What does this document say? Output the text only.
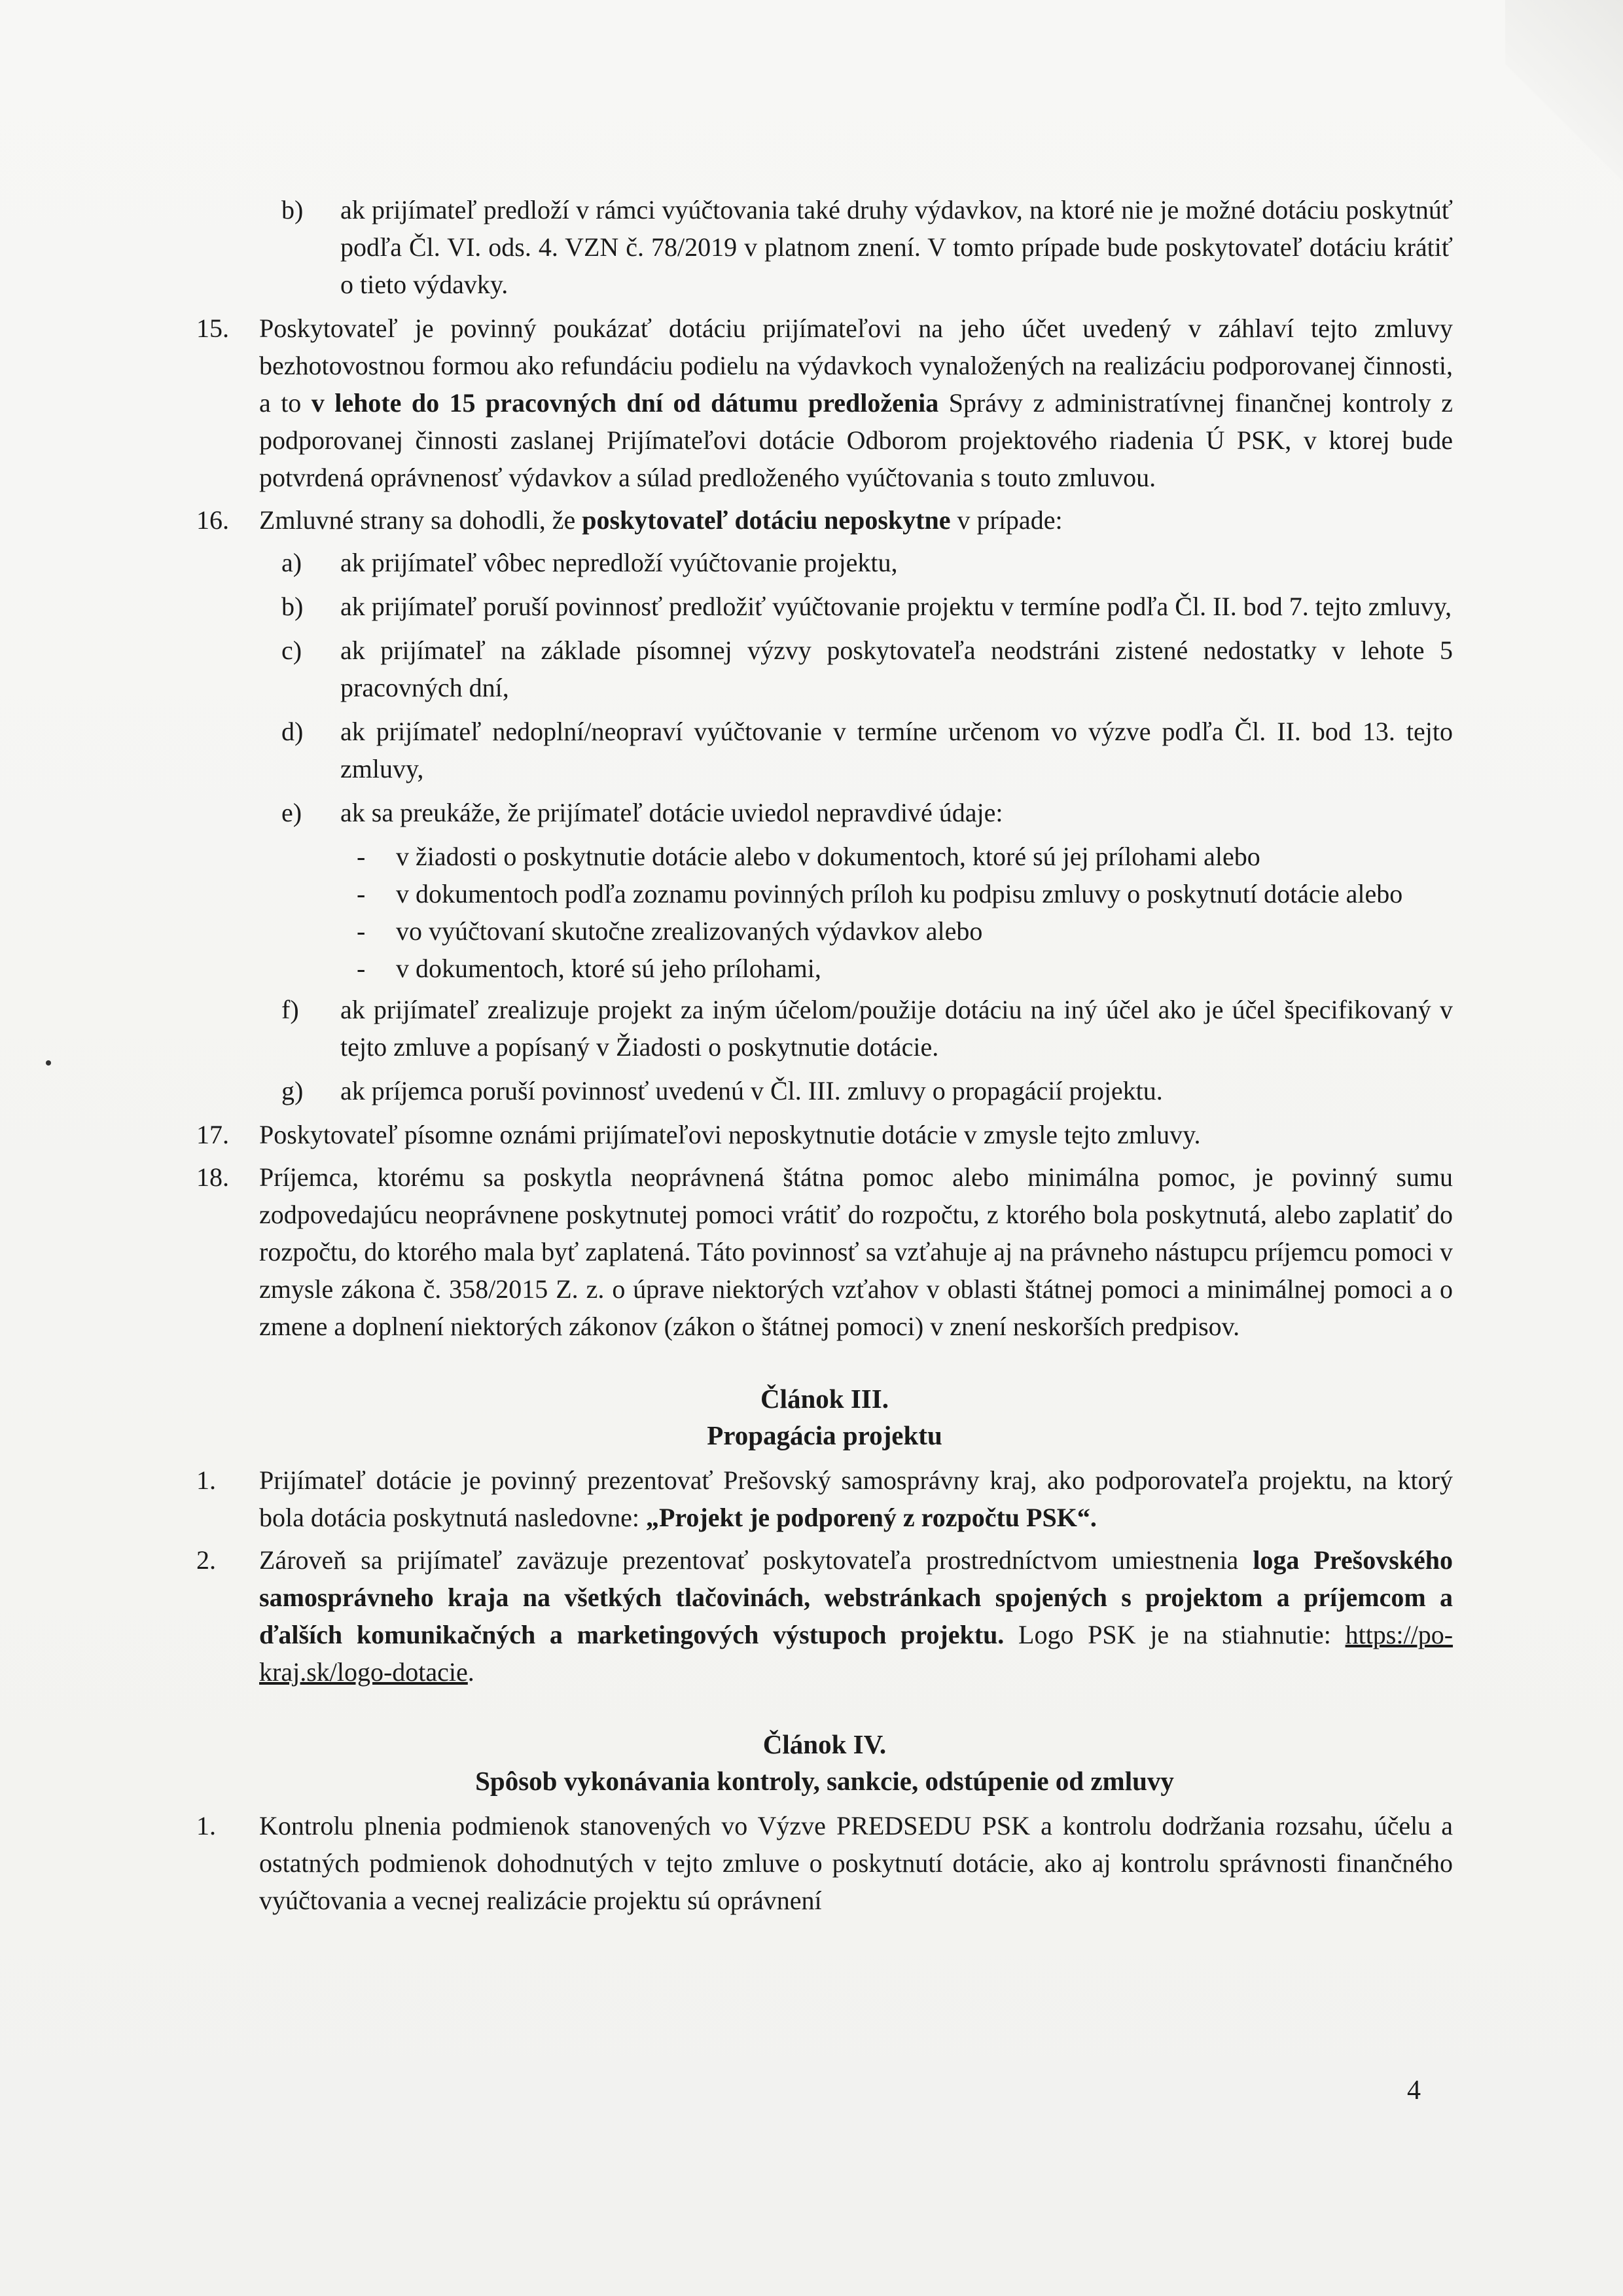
b) ak prijímateľ predloží v rámci vyúčtovania také druhy výdavkov, na ktoré nie je možné dotáciu poskytnúť podľa Čl. VI. ods. 4. VZN č. 78/2019 v platnom znení. V tomto prípade bude poskytovateľ dotáciu krátiť o tieto výdavky.
15. Poskytovateľ je povinný poukázať dotáciu prijímateľovi na jeho účet uvedený v záhlaví tejto zmluvy bezhotovostnou formou ako refundáciu podielu na výdavkoch vynaložených na realizáciu podporovanej činnosti, a to v lehote do 15 pracovných dní od dátumu predloženia Správy z administratívnej finančnej kontroly z podporovanej činnosti zaslanej Prijímateľovi dotácie Odborom projektového riadenia Ú PSK, v ktorej bude potvrdená oprávnenosť výdavkov a súlad predloženého vyúčtovania s touto zmluvou.
16. Zmluvné strany sa dohodli, že poskytovateľ dotáciu neposkytne v prípade:
a) ak prijímateľ vôbec nepredloží vyúčtovanie projektu,
b) ak prijímateľ poruší povinnosť predložiť vyúčtovanie projektu v termíne podľa Čl. II. bod 7. tejto zmluvy,
c) ak prijímateľ na základe písomnej výzvy poskytovateľa neodstráni zistené nedostatky v lehote 5 pracovných dní,
d) ak prijímateľ nedoplní/neopraví vyúčtovanie v termíne určenom vo výzve podľa Čl. II. bod 13. tejto zmluvy,
e) ak sa preukáže, že prijímateľ dotácie uviedol nepravdivé údaje:
- v žiadosti o poskytnutie dotácie alebo v dokumentoch, ktoré sú jej prílohami alebo
- v dokumentoch podľa zoznamu povinných príloh ku podpisu zmluvy o poskytnutí dotácie alebo
- vo vyúčtovaní skutočne zrealizovaných výdavkov alebo
- v dokumentoch, ktoré sú jeho prílohami,
f) ak prijímateľ zrealizuje projekt za iným účelom/použije dotáciu na iný účel ako je účel špecifikovaný v tejto zmluve a popísaný v Žiadosti o poskytnutie dotácie.
g) ak príjemca poruší povinnosť uvedenú v Čl. III. zmluvy o propagácií projektu.
17. Poskytovateľ písomne oznámi prijímateľovi neposkytnutie dotácie v zmysle tejto zmluvy.
18. Príjemca, ktorému sa poskytla neoprávnená štátna pomoc alebo minimálna pomoc, je povinný sumu zodpovedajúcu neoprávnene poskytnutej pomoci vrátiť do rozpočtu, z ktorého bola poskytnutá, alebo zaplatiť do rozpočtu, do ktorého mala byť zaplatená. Táto povinnosť sa vzťahuje aj na právneho nástupcu príjemcu pomoci v zmysle zákona č. 358/2015 Z. z. o úprave niektorých vzťahov v oblasti štátnej pomoci a minimálnej pomoci a o zmene a doplnení niektorých zákonov (zákon o štátnej pomoci) v znení neskorších predpisov.
Článok III.
Propagácia projektu
1. Prijímateľ dotácie je povinný prezentovať Prešovský samosprávny kraj, ako podporovateľa projektu, na ktorý bola dotácia poskytnutá nasledovne: „Projekt je podporený z rozpočtu PSK“.
2. Zároveň sa prijímateľ zaväzuje prezentovať poskytovateľa prostredníctvom umiestnenia loga Prešovského samosprávneho kraja na všetkých tlačovinách, webstránkach spojených s projektom a príjemcom a ďalších komunikačných a marketingových výstupoch projektu. Logo PSK je na stiahnutie: https://po-kraj.sk/logo-dotacie.
Článok IV.
Spôsob vykonávania kontroly, sankcie, odstúpenie od zmluvy
1. Kontrolu plnenia podmienok stanovených vo Výzve PREDSEDU PSK a kontrolu dodržania rozsahu, účelu a ostatných podmienok dohodnutých v tejto zmluve o poskytnutí dotácie, ako aj kontrolu správnosti finančného vyúčtovania a vecnej realizácie projektu sú oprávnení
4
